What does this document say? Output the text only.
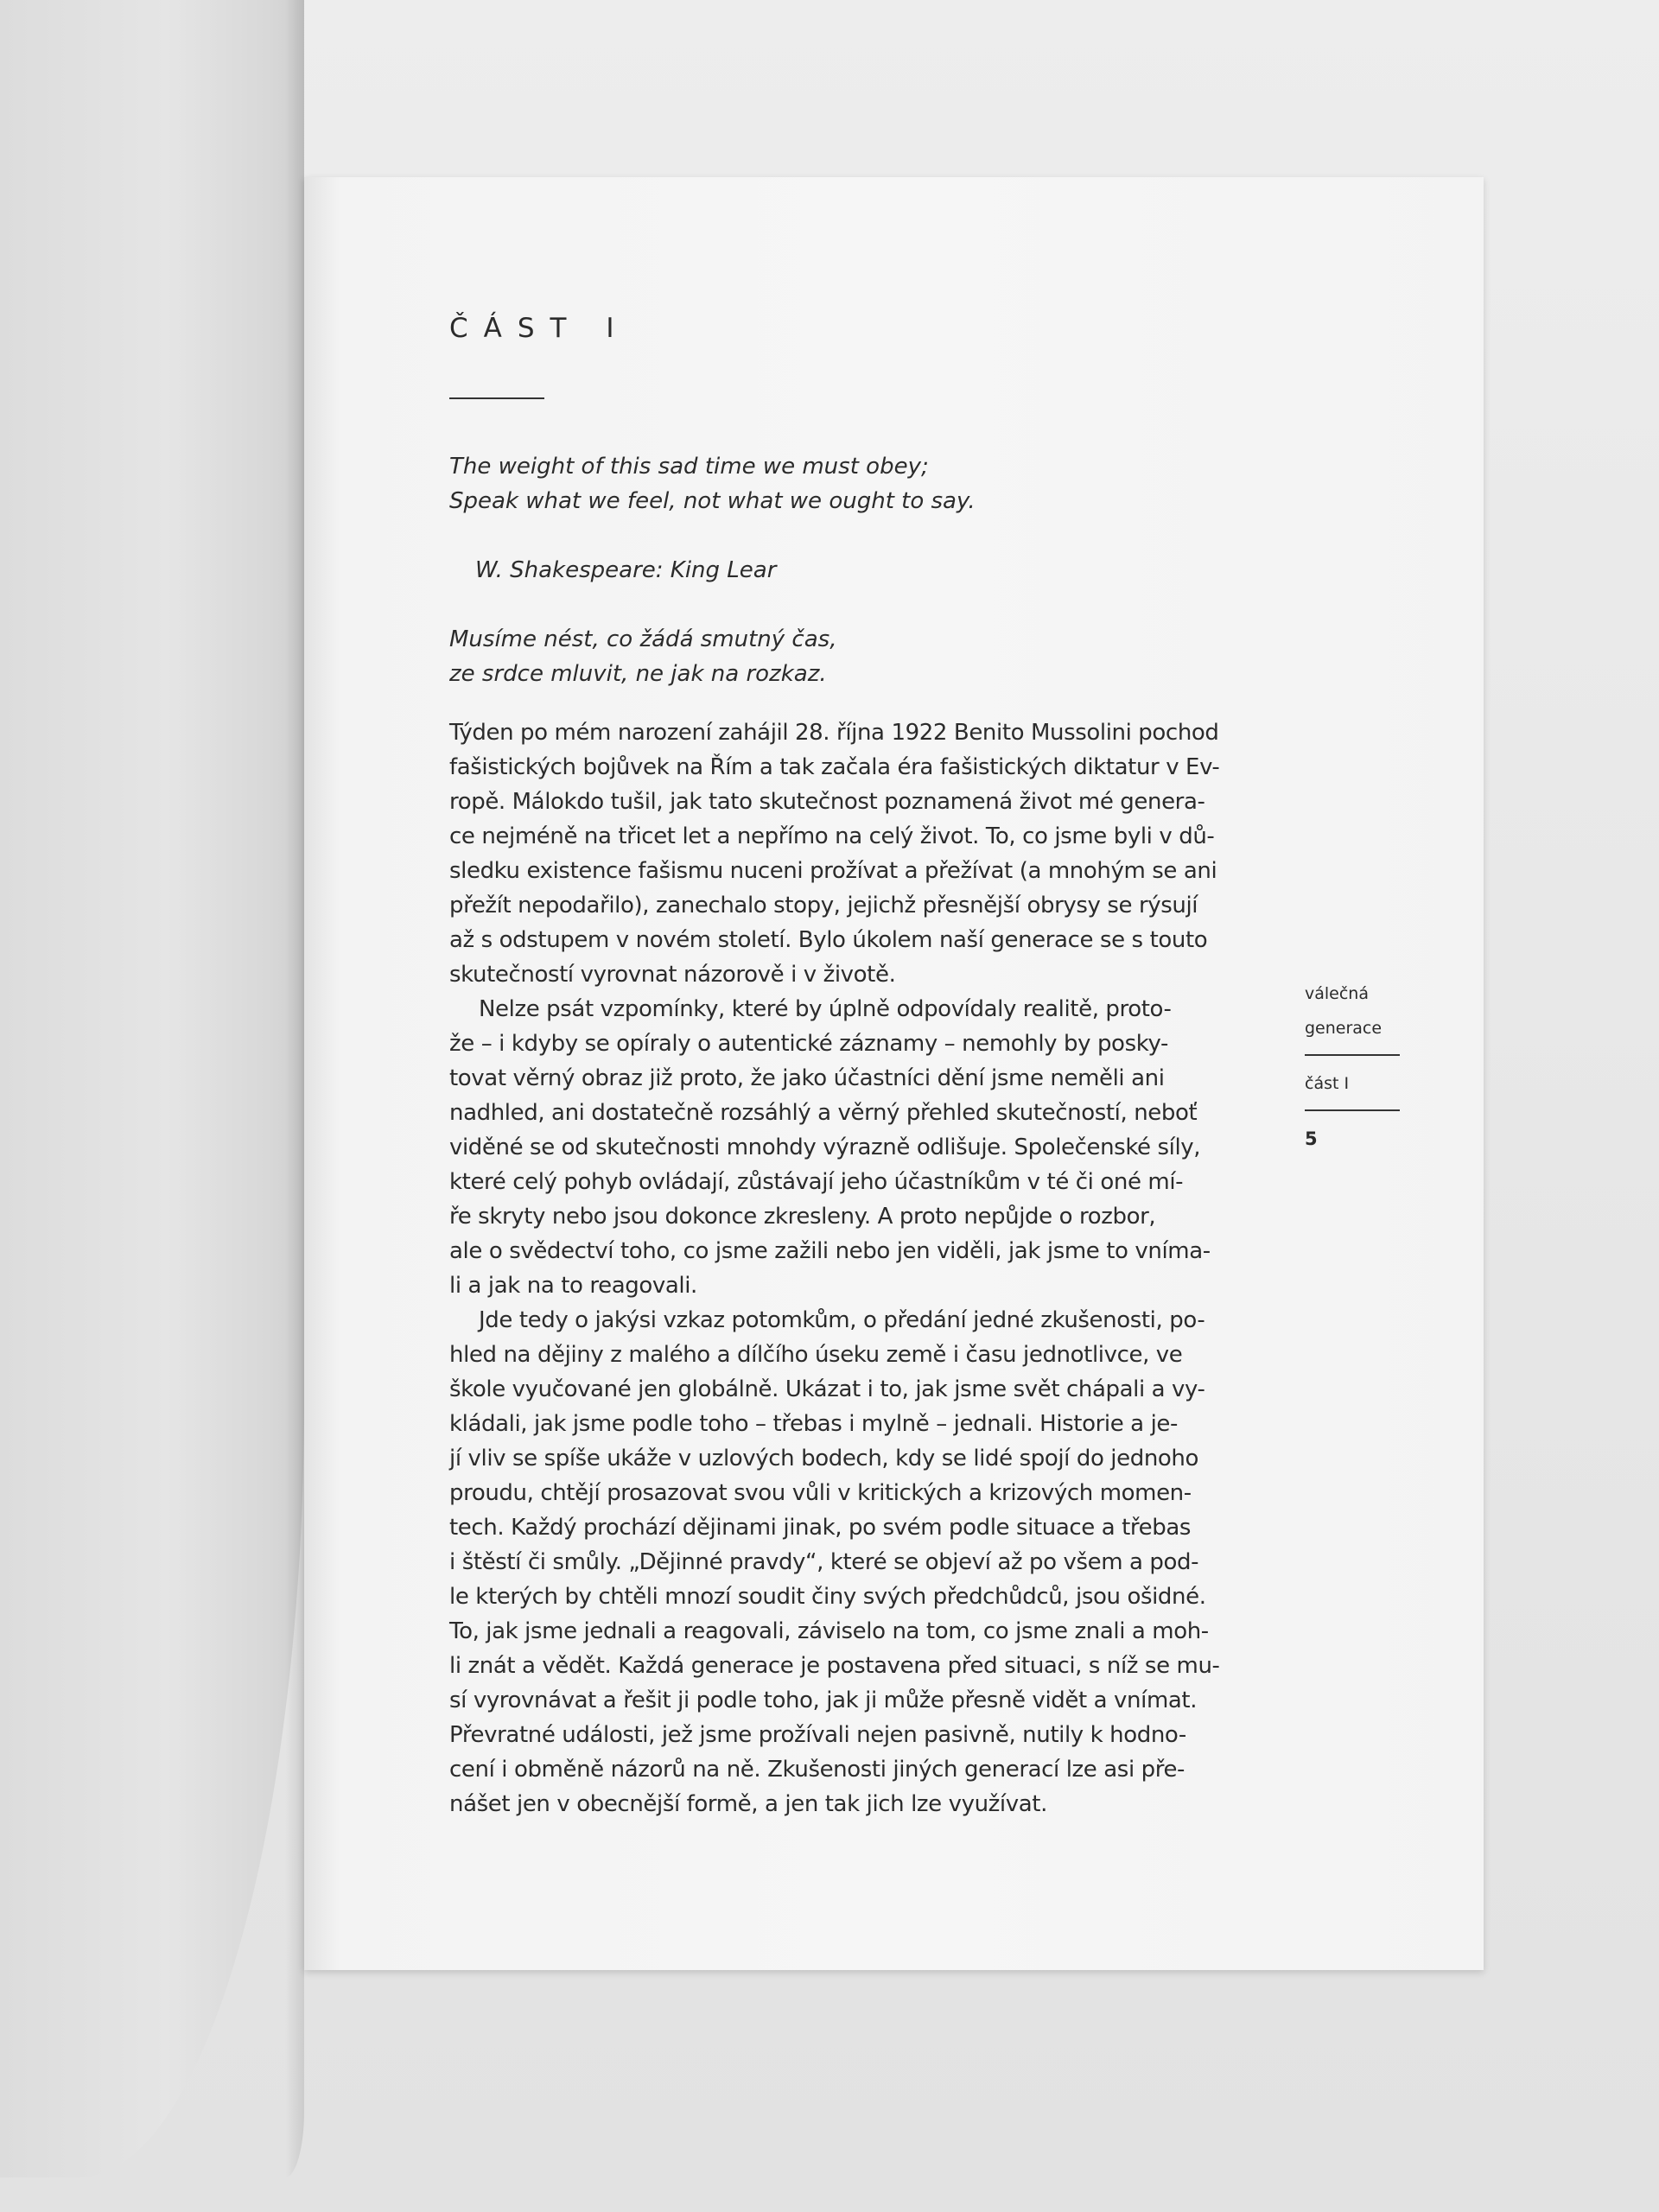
ČÁST I
The weight of this sad time we must obey;
Speak what we feel, not what we ought to say.
W. Shakespeare: King Lear
Musíme nést, co žádá smutný čas,
ze srdce mluvit, ne jak na rozkaz.

Týden po mém narození zahájil 28. října 1922 Benito Mussolini pochod
fašistických bojůvek na Řím a tak začala éra fašistických diktatur v Ev-
ropě. Málokdo tušil, jak tato skutečnost poznamená život mé genera-
ce nejméně na třicet let a nepřímo na celý život. To, co jsme byli v dů-
sledku existence fašismu nuceni prožívat a přežívat (a mnohým se ani
přežít nepodařilo), zanechalo stopy, jejichž přesnější obrysy se rýsují
až s odstupem v novém století. Bylo úkolem naší generace se s touto
skutečností vyrovnat názorově i v životě.

Nelze psát vzpomínky, které by úplně odpovídaly realitě, proto-
že – i kdyby se opíraly o autentické záznamy – nemohly by posky-
tovat věrný obraz již proto, že jako účastníci dění jsme neměli ani
nadhled, ani dostatečně rozsáhlý a věrný přehled skutečností, neboť
viděné se od skutečnosti mnohdy výrazně odlišuje. Společenské síly,
které celý pohyb ovládají, zůstávají jeho účastníkům v té či oné mí-
ře skryty nebo jsou dokonce zkresleny. A proto nepůjde o rozbor,
ale o svědectví toho, co jsme zažili nebo jen viděli, jak jsme to vníma-
li a jak na to reagovali.

Jde tedy o jakýsi vzkaz potomkům, o předání jedné zkušenosti, po-
hled na dějiny z malého a dílčího úseku země i času jednotlivce, ve
škole vyučované jen globálně. Ukázat i to, jak jsme svět chápali a vy-
kládali, jak jsme podle toho – třebas i mylně – jednali. Historie a je-
jí vliv se spíše ukáže v uzlových bodech, kdy se lidé spojí do jednoho
proudu, chtějí prosazovat svou vůli v kritických a krizových momen-
tech. Každý prochází dějinami jinak, po svém podle situace a třebas
i štěstí či smůly. „Dějinné pravdy“, které se objeví až po všem a pod-
le kterých by chtěli mnozí soudit činy svých předchůdců, jsou ošidné.
To, jak jsme jednali a reagovali, záviselo na tom, co jsme znali a moh-
li znát a vědět. Každá generace je postavena před situaci, s níž se mu-
sí vyrovnávat a řešit ji podle toho, jak ji může přesně vidět a vnímat.
Převratné události, jež jsme prožívali nejen pasivně, nutily k hodno-
cení i obměně názorů na ně. Zkušenosti jiných generací lze asi pře-
nášet jen v obecnější formě, a jen tak jich lze využívat.

válečná
generace
část I
5
